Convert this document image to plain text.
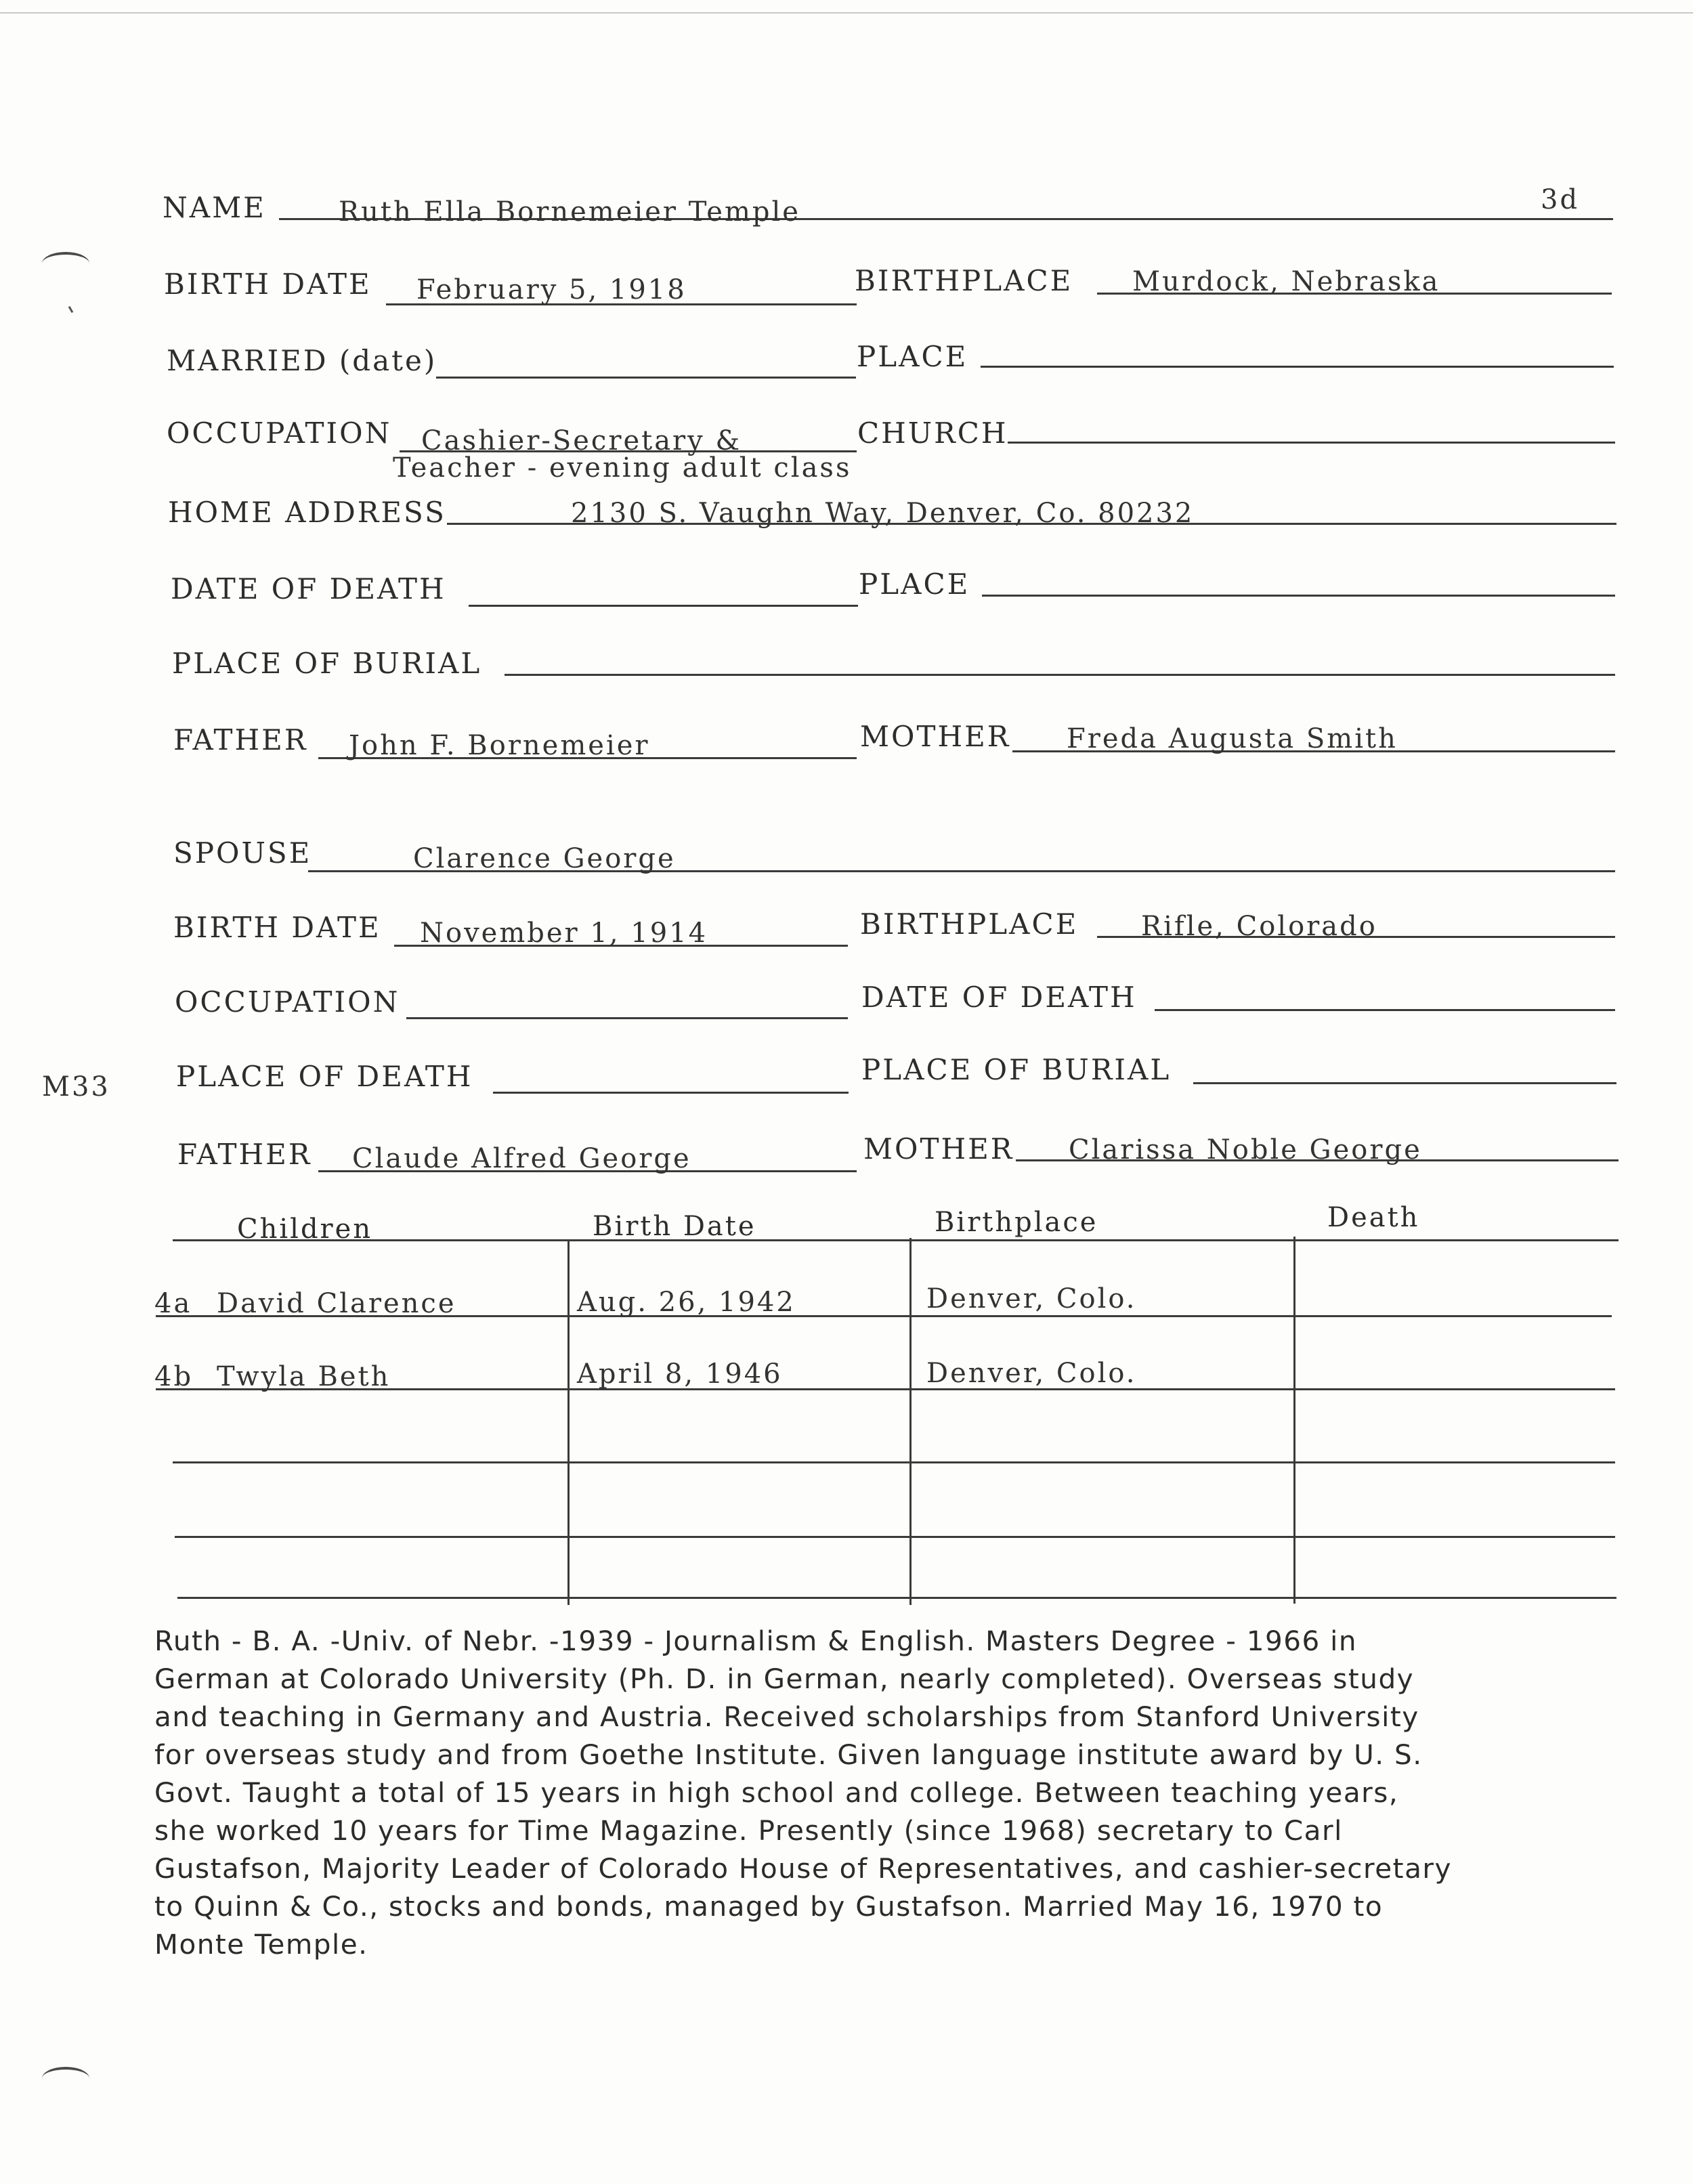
3d
NAME	Ruth Ella Bornemeier Temple
BIRTH DATE February 5, 1918	BIRTHPLACE Murdock, Nebraska
MARRIED (date)	PLACE
OCCUPATION Cashier-Secretary &
Teacher - evening adult class
CHURCH
HOME ADDRESS	2130 S. Vaughn Way, Denver, Co. 80232
DATE OF DEATH	PLACE
PLACE OF BURIAL
FATHER John F. Bornemeier	MOTHER Freda Augusta Smith
SPOUSE	Clarence George
BIRTH DATE November 1, 1914	BIRTHPLACE Rifle, Colorado
OCCUPATION	DATE OF DEATH
M33 PLACE OF DEATH	PLACE OF BURIAL
FATHER Claude Alfred George	MOTHER Clarissa Noble George
Children	Birth Date	Birthplace	Death
4a David Clarence	Aug. 26, 1942	Denver, Colo.
4b Twyla Beth	April 8, 1946	Denver, Colo.
Ruth - B. A. -Univ. of Nebr. -1939 - Journalism & English. Masters Degree - 1966 in
German at Colorado University (Ph. D. in German, nearly completed). Overseas study
and teaching in Germany and Austria. Received scholarships from Stanford University
for overseas study and from Goethe Institute. Given language institute award by U. S.
Govt. Taught a total of 15 years in high school and college. Between teaching years,
she worked 10 years for Time Magazine. Presently (since 1968) secretary to Carl
Gustafson, Majority Leader of Colorado House of Representatives, and cashier-secretary
to Quinn & Co., stocks and bonds, managed by Gustafson. Married May 16, 1970 to
Monte Temple.
